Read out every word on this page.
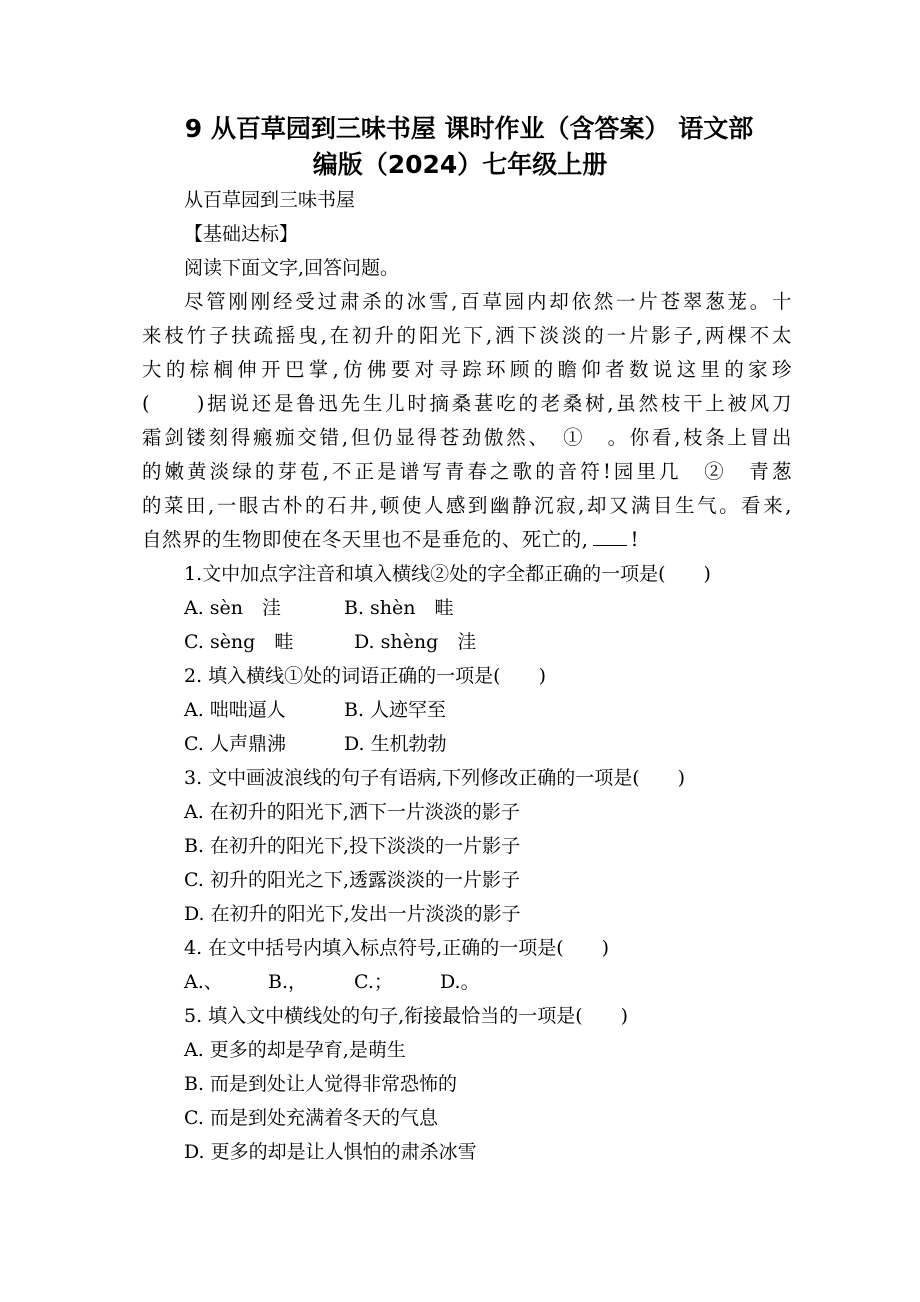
9 从百草园到三味书屋 课时作业（含答案） 语文部
编版（2024）七年级上册
从百草园到三味书屋
【基础达标】
阅读下面文字,回答问题。
尽管刚刚经受过肃杀的冰雪,百草园内却依然一片苍翠葱茏。十
来枝竹子扶疏摇曳,在初升的阳光下,洒下淡淡的一片影子,两棵不太
大的棕榈伸开巴掌,仿佛要对寻踪环顾的瞻仰者数说这里的家珍
(　　)据说还是鲁迅先生儿时摘桑葚吃的老桑树,虽然枝干上被风刀
霜剑镂刻得瘢痂交错,但仍显得苍劲傲然、　①　。你看,枝条上冒出
的嫩黄淡绿的芽苞,不正是谱写青春之歌的音符!园里几　②　青葱
的菜田,一眼古朴的石井,顿使人感到幽静沉寂,却又满目生气。看来,
自然界的生物即使在冬天里也不是垂危的、死亡的, !
1.文中加点字注音和填入横线②处的字全都正确的一项是(　　)
A. sèn　洼	B. shèn　畦
C. sèng　畦	D. shèng　洼
2. 填入横线①处的词语正确的一项是(　　)
A. 咄咄逼人	B. 人迹罕至
C. 人声鼎沸	D. 生机勃勃
3. 文中画波浪线的句子有语病,下列修改正确的一项是(　　)
A. 在初升的阳光下,洒下一片淡淡的影子
B. 在初升的阳光下,投下淡淡的一片影子
C. 初升的阳光之下,透露淡淡的一片影子
D. 在初升的阳光下,发出一片淡淡的影子
4. 在文中括号内填入标点符号,正确的一项是(　　)
A.、 B.， C.； D.。
5. 填入文中横线处的句子,衔接最恰当的一项是(　　)
A. 更多的却是孕育,是萌生
B. 而是到处让人觉得非常恐怖的
C. 而是到处充满着冬天的气息
D. 更多的却是让人惧怕的肃杀冰雪
